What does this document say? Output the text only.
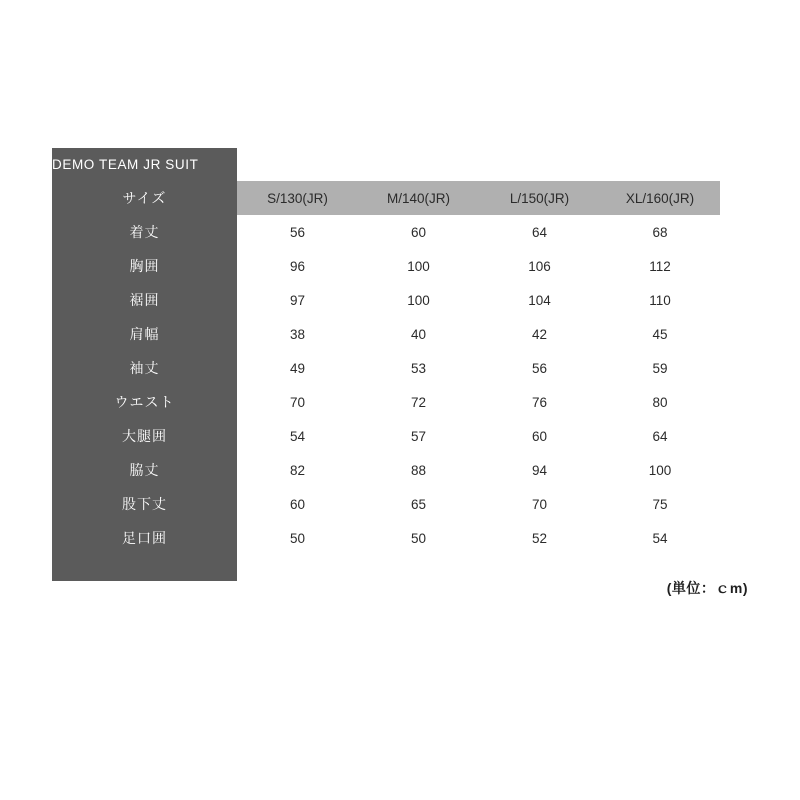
DEMO TEAM JR SUIT				
サイズ	S/130(JR)	M/140(JR)	L/150(JR)	XL/160(JR)
着丈	56	60	64	68
胸囲	96	100	106	112
裾囲	97	100	104	110
肩幅	38	40	42	45
袖丈	49	53	56	59
ウエスト	70	72	76	80
大腿囲	54	57	60	64
脇丈	82	88	94	100
股下丈	60	65	70	75
足口囲	50	50	52	54

(単位：ｃm)
